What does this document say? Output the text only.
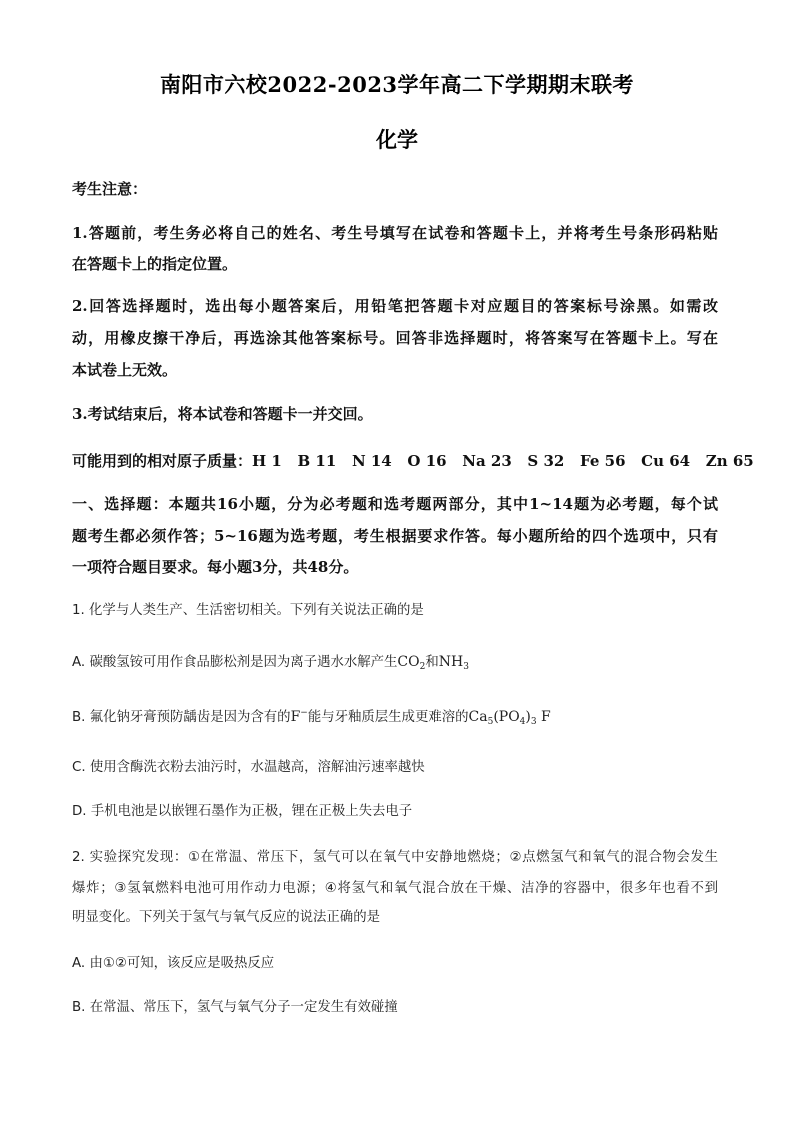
南阳市六校2022-2023学年高二下学期期末联考
化学
考生注意：
1.答题前，考生务必将自己的姓名、考生号填写在试卷和答题卡上，并将考生号条形码粘贴
在答题卡上的指定位置。
2.回答选择题时，选出每小题答案后，用铅笔把答题卡对应题目的答案标号涂黑。如需改
动，用橡皮擦干净后，再选涂其他答案标号。回答非选择题时，将答案写在答题卡上。写在
本试卷上无效。
3.考试结束后，将本试卷和答题卡一并交回。
可能用到的相对原子质量：H 1   B 11   N 14   O 16   Na 23   S 32   Fe 56   Cu 64   Zn 65
一、选择题：本题共16小题，分为必考题和选考题两部分，其中1~14题为必考题，每个试
题考生都必须作答；5~16题为选考题，考生根据要求作答。每小题所给的四个选项中，只有
一项符合题目要求。每小题3分，共48分。
1. 化学与人类生产、生活密切相关。下列有关说法正确的是
A. 碳酸氢铵可用作食品膨松剂是因为离子遇水水解产生$CO_2$和$NH_3$
B. 氟化钠牙膏预防龋齿是因为含有的F−能与牙釉质层生成更难溶的$Ca_5(PO_4)_3$ F
C. 使用含酶洗衣粉去油污时，水温越高，溶解油污速率越快
D. 手机电池是以嵌锂石墨作为正极，锂在正极上失去电子
2. 实验探究发现：①在常温、常压下，氢气可以在氧气中安静地燃烧；②点燃氢气和氧气的混合物会发生
爆炸；③氢氧燃料电池可用作动力电源；④将氢气和氧气混合放在干燥、洁净的容器中，很多年也看不到
明显变化。下列关于氢气与氧气反应的说法正确的是
A. 由①②可知，该反应是吸热反应
B. 在常温、常压下，氢气与氧气分子一定发生有效碰撞
